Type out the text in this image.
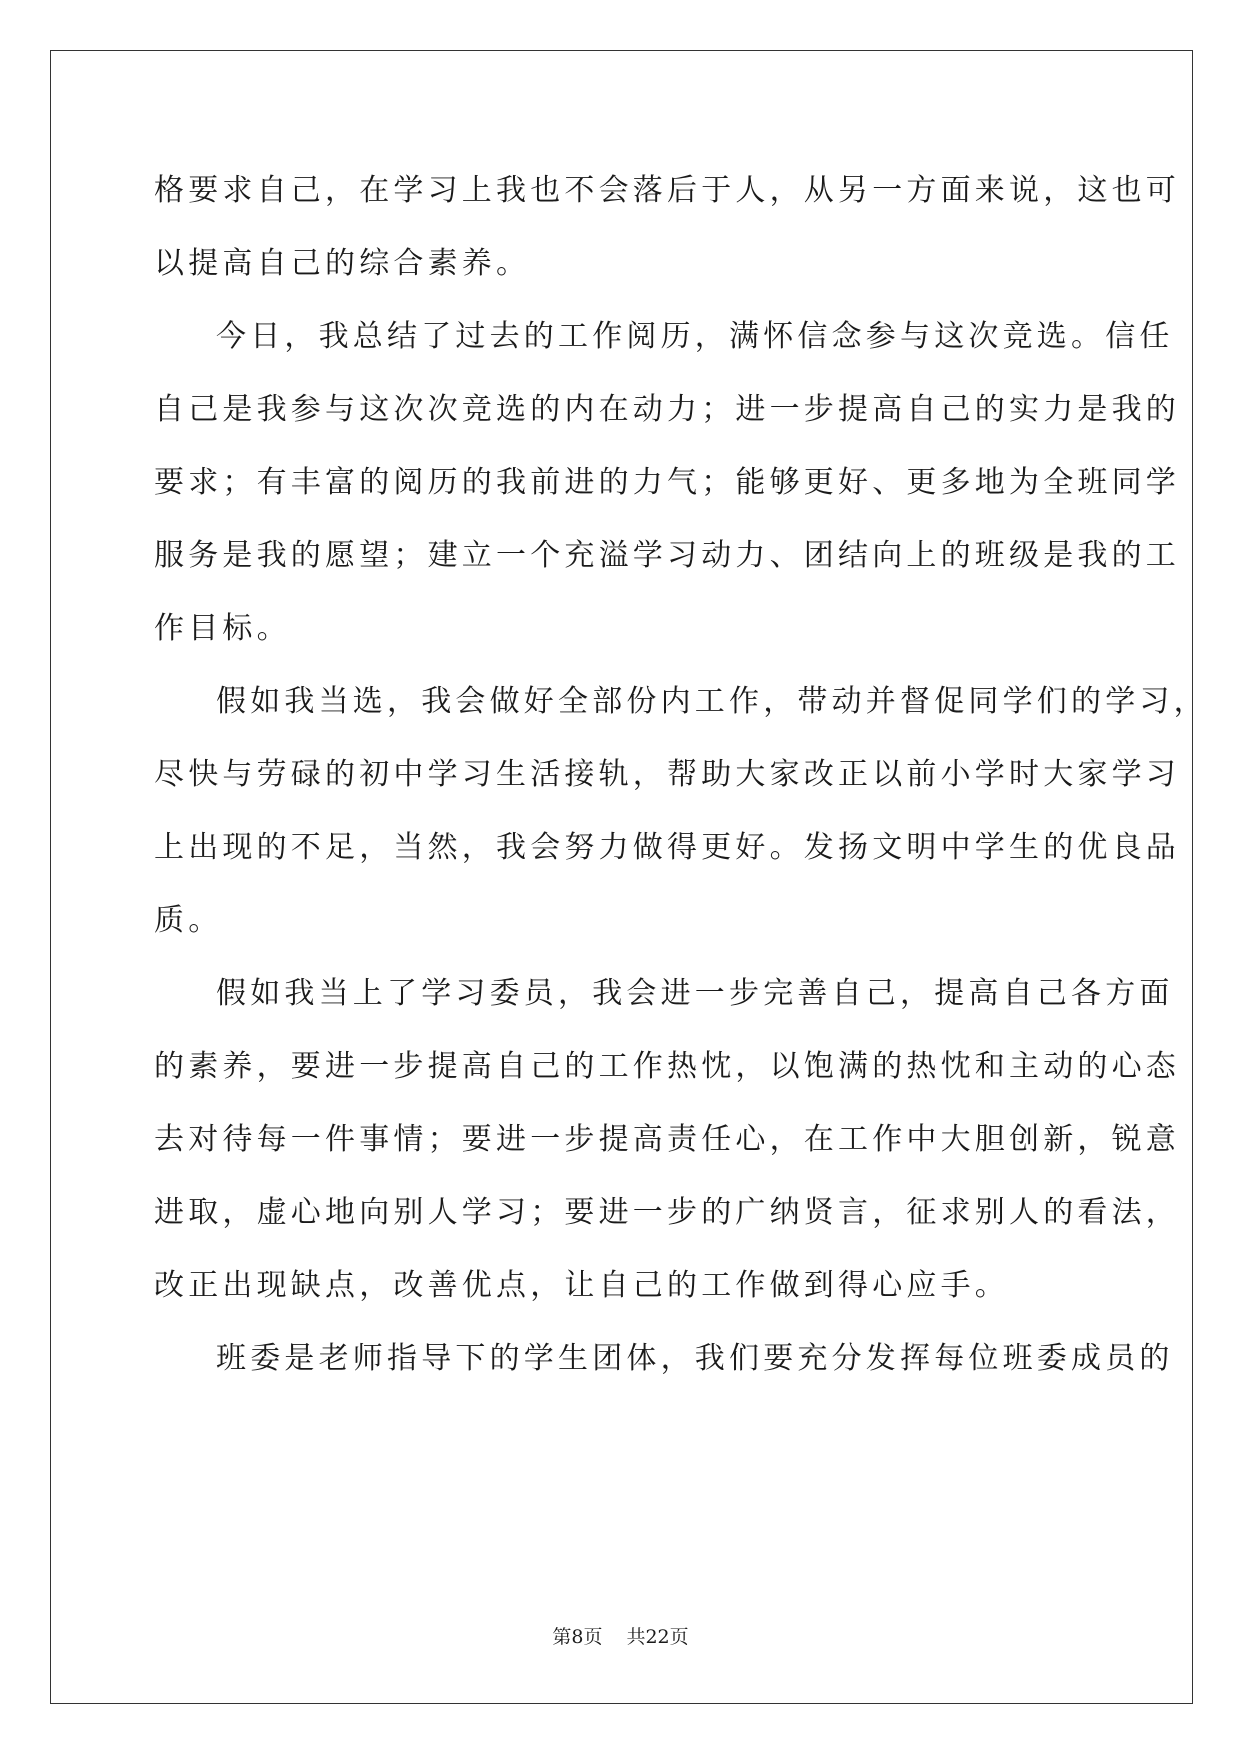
格要求自己，在学习上我也不会落后于人，从另一方面来说，这也可
以提高自己的综合素养。
今日，我总结了过去的工作阅历，满怀信念参与这次竞选。信任
自己是我参与这次次竞选的内在动力；进一步提高自己的实力是我的
要求；有丰富的阅历的我前进的力气；能够更好、更多地为全班同学
服务是我的愿望；建立一个充溢学习动力、团结向上的班级是我的工
作目标。
假如我当选，我会做好全部份内工作，带动并督促同学们的学习，
尽快与劳碌的初中学习生活接轨，帮助大家改正以前小学时大家学习
上出现的不足，当然，我会努力做得更好。发扬文明中学生的优良品
质。
假如我当上了学习委员，我会进一步完善自己，提高自己各方面
的素养，要进一步提高自己的工作热忱，以饱满的热忱和主动的心态
去对待每一件事情；要进一步提高责任心，在工作中大胆创新，锐意
进取，虚心地向别人学习；要进一步的广纳贤言，征求别人的看法，
改正出现缺点，改善优点，让自己的工作做到得心应手。
班委是老师指导下的学生团体，我们要充分发挥每位班委成员的
第8页 共22页
